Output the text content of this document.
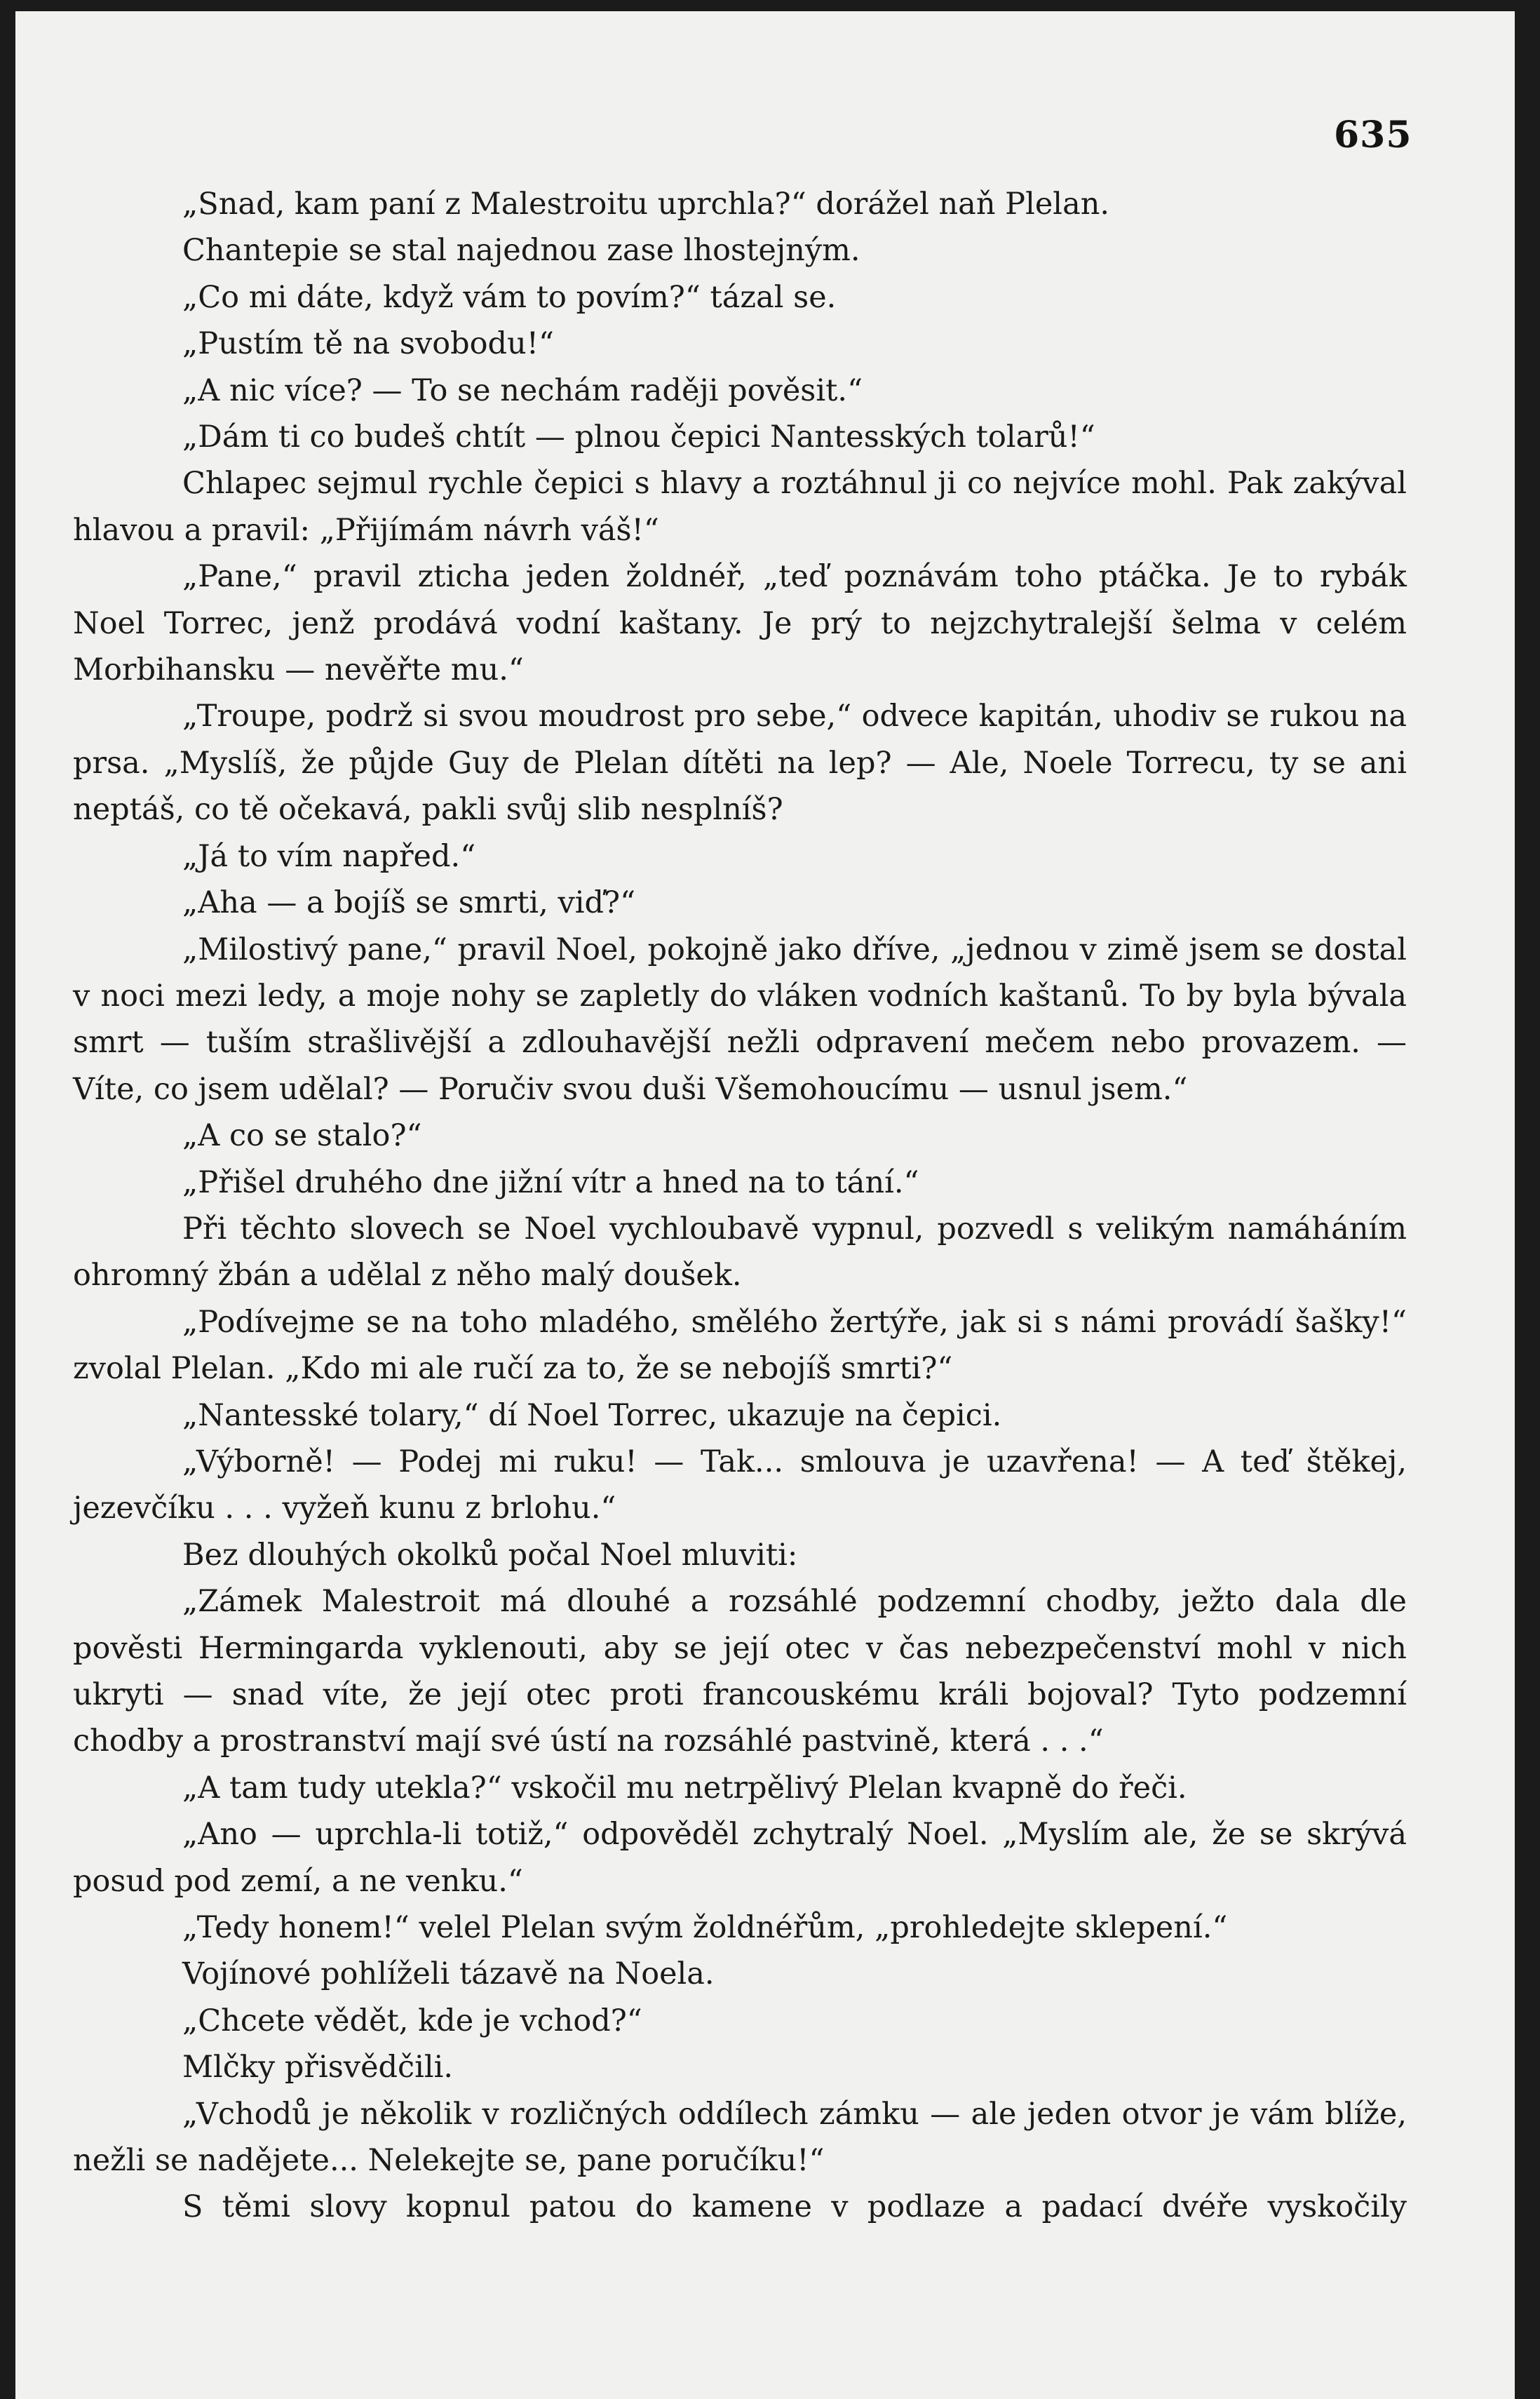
635

„Snad, kam paní z Malestroitu uprchla?“ dorážel naň Plelan.

Chantepie se stal najednou zase lhostejným.

„Co mi dáte, když vám to povím?“ tázal se.

„Pustím tě na svobodu!“

„A nic více? — To se nechám raději pověsit.“

„Dám ti co budeš chtít — plnou čepici Nantesských tolarů!“

Chlapec sejmul rychle čepici s hlavy a roztáhnul ji co nejvíce mohl. Pak zakýval hlavou a pravil: „Přijímám návrh váš!“

„Pane,“ pravil zticha jeden žoldnéř, „teď poznávám toho ptáčka. Je to rybák Noel Torrec, jenž prodává vodní kaštany. Je prý to nejzchytralejší šelma v celém Morbihansku — nevěřte mu.“

„Troupe, podrž si svou moudrost pro sebe,“ odvece kapitán, uhodiv se rukou na prsa. „Myslíš, že půjde Guy de Plelan dítěti na lep? — Ale, Noele Torrecu, ty se ani neptáš, co tě očekavá, pakli svůj slib nesplníš?

„Já to vím napřed.“

„Aha — a bojíš se smrti, viď?“

„Milostivý pane,“ pravil Noel, pokojně jako dříve, „jednou v zimě jsem se dostal v noci mezi ledy, a moje nohy se zapletly do vláken vodních kaštanů. To by byla bývala smrt — tuším strašlivější a zdlouhavější nežli odpravení mečem nebo provazem. — Víte, co jsem udělal? — Poručiv svou duši Všemohoucímu — usnul jsem.“

„A co se stalo?“

„Přišel druhého dne jižní vítr a hned na to tání.“

Při těchto slovech se Noel vychloubavě vypnul, pozvedl s velikým namáháním ohromný žbán a udělal z něho malý doušek.

„Podívejme se na toho mladého, smělého žertýře, jak si s námi provádí šašky!“ zvolal Plelan. „Kdo mi ale ručí za to, že se nebojíš smrti?“

„Nantesské tolary,“ dí Noel Torrec, ukazuje na čepici.

„Výborně! — Podej mi ruku! — Tak... smlouva je uzavřena! — A teď štěkej, jezevčíku . . . vyžeň kunu z brlohu.“

Bez dlouhých okolků počal Noel mluviti:

„Zámek Malestroit má dlouhé a rozsáhlé podzemní chodby, ježto dala dle pověsti Hermingarda vyklenouti, aby se její otec v čas nebezpečenství mohl v nich ukryti — snad víte, že její otec proti francouskému králi bojoval? Tyto podzemní chodby a prostranství mají své ústí na rozsáhlé pastvině, která . . .“

„A tam tudy utekla?“ vskočil mu netrpělivý Plelan kvapně do řeči.

„Ano — uprchla-li totiž,“ odpověděl zchytralý Noel. „Myslím ale, že se skrývá posud pod zemí, a ne venku.“

„Tedy honem!“ velel Plelan svým žoldnéřům, „prohledejte sklepení.“

Vojínové pohlíželi tázavě na Noela.

„Chcete vědět, kde je vchod?“

Mlčky přisvědčili.

„Vchodů je několik v rozličných oddílech zámku — ale jeden otvor je vám blíže, nežli se nadějete... Nelekejte se, pane poručíku!“

S těmi slovy kopnul patou do kamene v podlaze a padací dvéře vyskočily
